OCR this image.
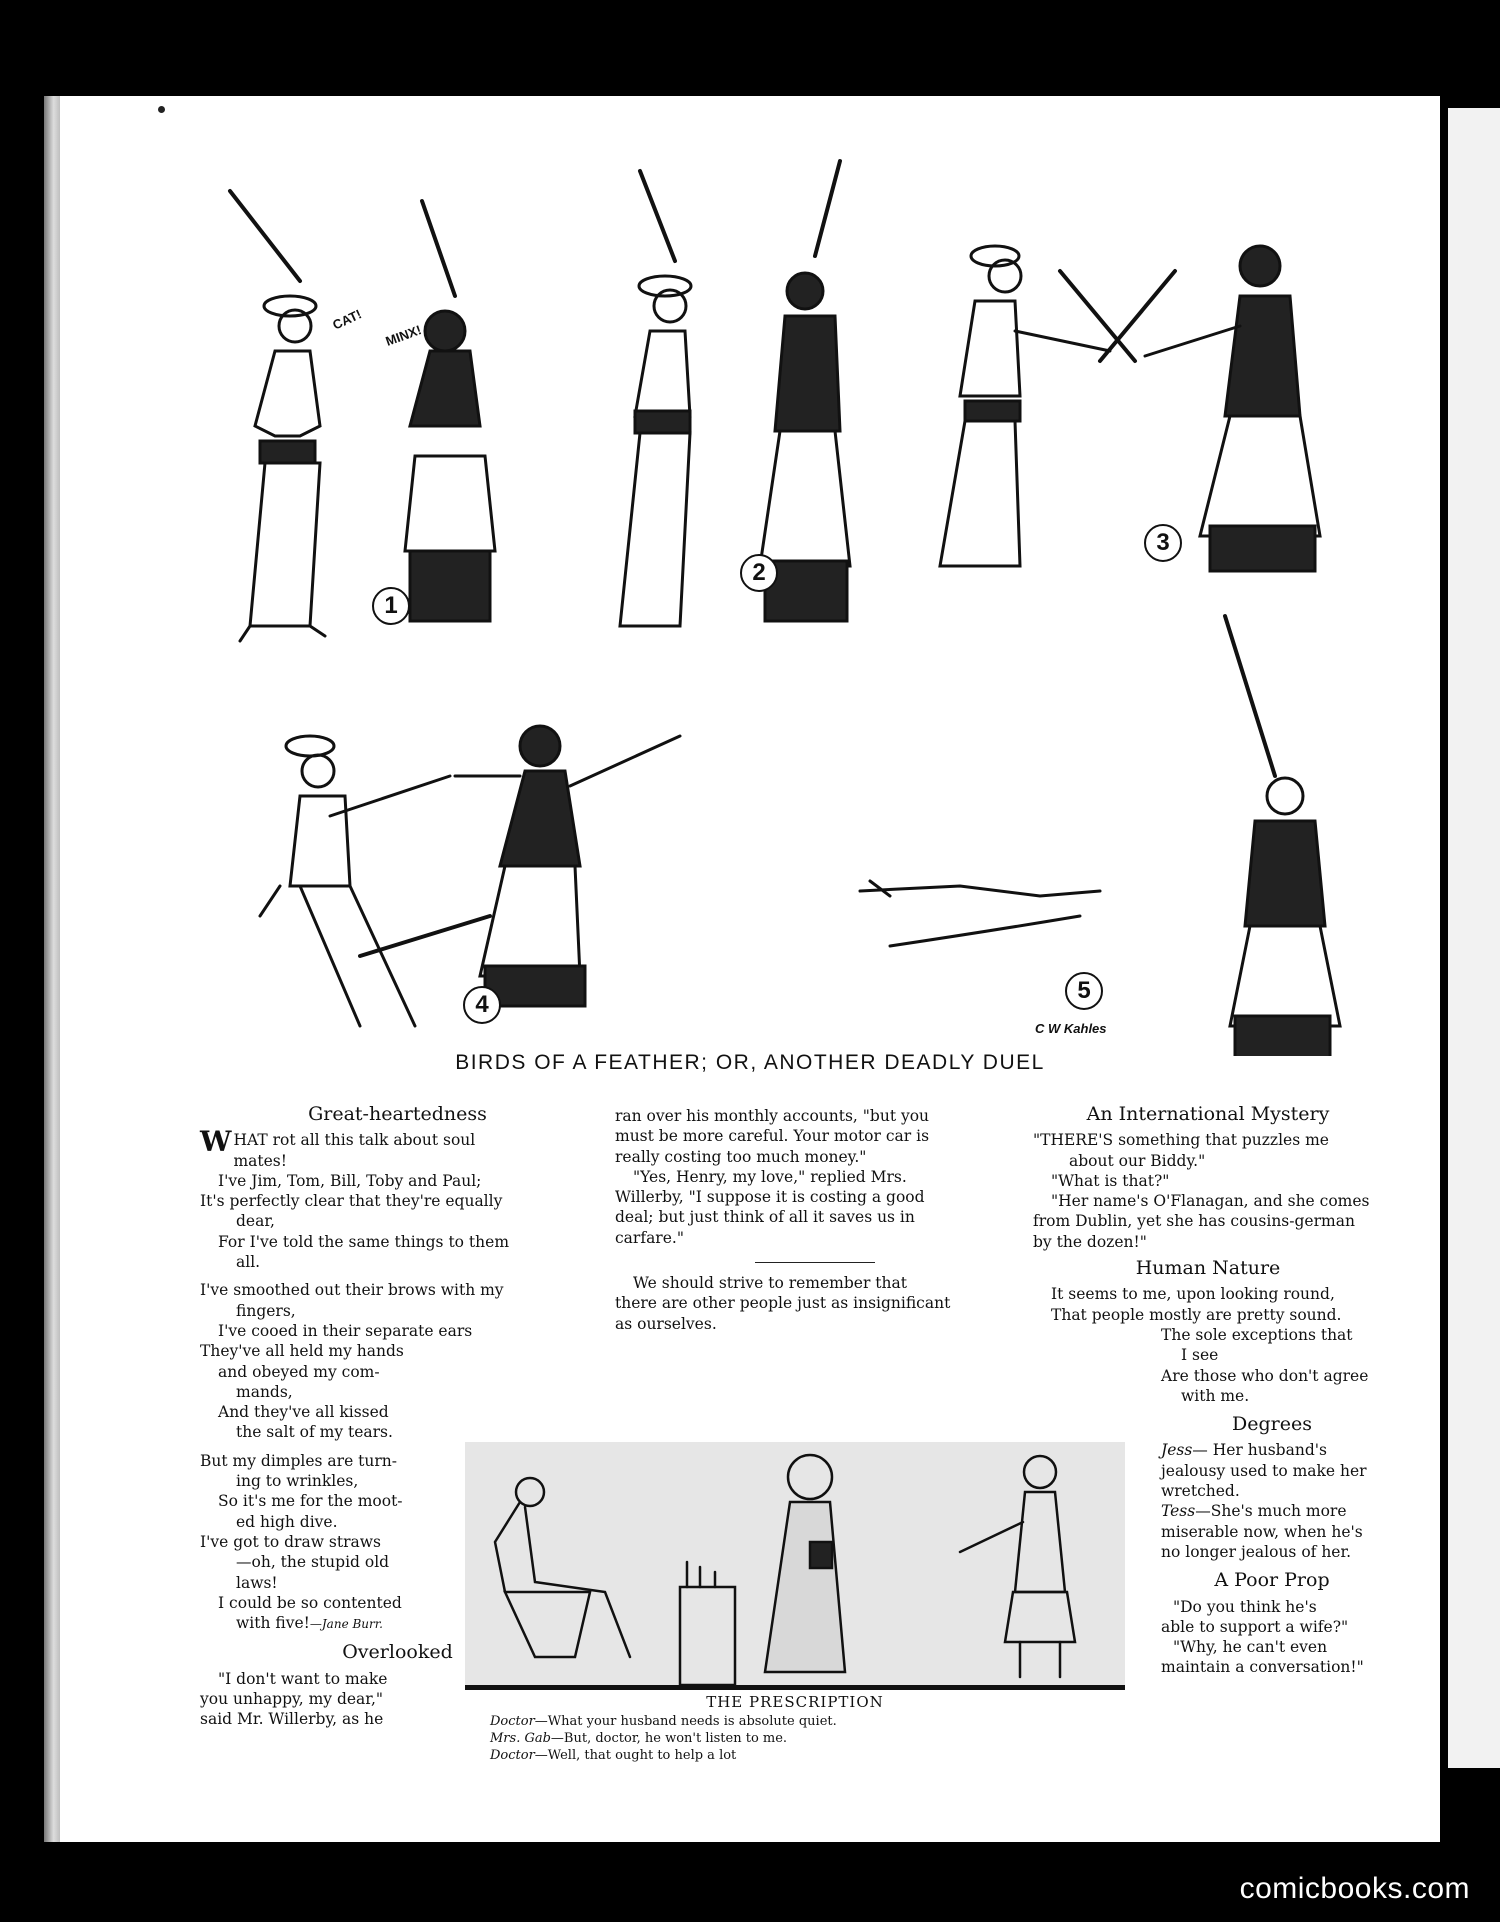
CAT!
MINX!
1
2
3
4
5
C W Kahles
BIRDS OF A FEATHER; OR, ANOTHER DEADLY DUEL
Great-heartedness

WHAT rot all this talk about soul

mates!

I've Jim, Tom, Bill, Toby and Paul;

It's perfectly clear that they're equally

dear,

For I've told the same things to them

all.

I've smoothed out their brows with my

fingers,

I've cooed in their separate ears

They've all held my hands

and obeyed my com-

mands,

And they've all kissed

the salt of my tears.

But my dimples are turn-

ing to wrinkles,

So it's me for the moot-

ed high dive.

I've got to draw straws

—oh, the stupid old

laws!

I could be so contented

with five!—Jane Burr.

Overlooked

"I don't want to make

you unhappy, my dear,"

said Mr. Willerby, as he

ran over his monthly accounts, "but you

must be more careful. Your motor car is

really costing too much money."

"Yes, Henry, my love," replied Mrs.

Willerby, "I suppose it is costing a good

deal; but just think of all it saves us in

carfare."

We should strive to remember that

there are other people just as insignificant

as ourselves.

An International Mystery

"THERE'S something that puzzles me

about our Biddy."

"What is that?"

"Her name's O'Flanagan, and she comes

from Dublin, yet she has cousins-german

by the dozen!"

Human Nature

It seems to me, upon looking round,

That people mostly are pretty sound.

The sole exceptions that

I see

Are those who don't agree

with me.

Degrees

Jess— Her husband's jealousy used to make her wretched.

Tess—She's much more miserable now, when he's no longer jealous of her.

A Poor Prop

"Do you think he's

able to support a wife?"

"Why, he can't even

maintain a conversation!"

THE PRESCRIPTION
Doctor—What your husband needs is absolute quiet.
Mrs. Gab—But, doctor, he won't listen to me.
Doctor—Well, that ought to help a lot
comicbooks.com
